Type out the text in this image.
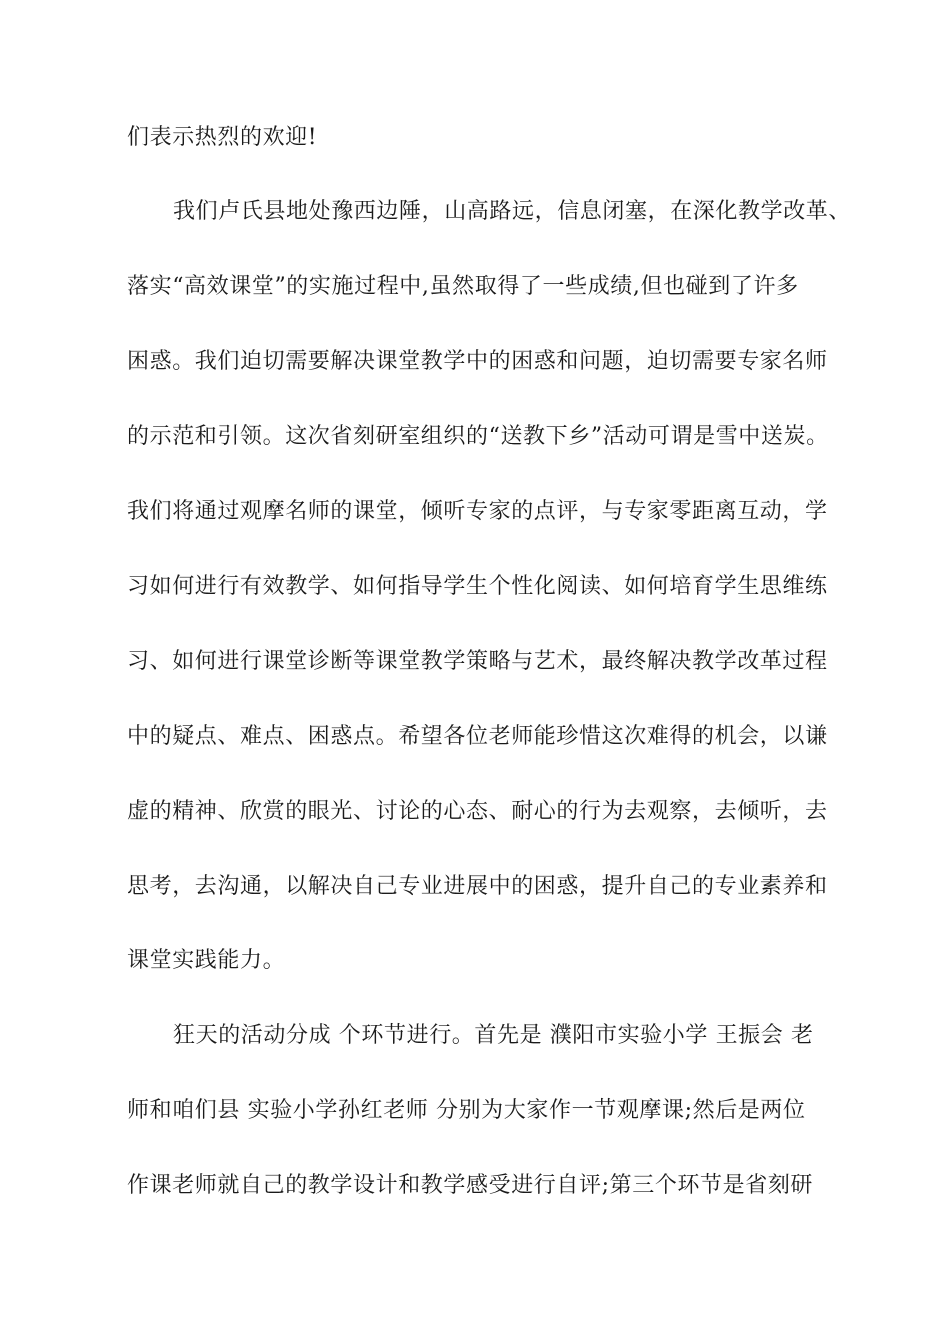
们表示热烈的欢迎!
我们卢氏县地处豫西边陲，山高路远，信息闭塞，在深化教学改革、
落实“高效课堂”的实施过程中,虽然取得了一些成绩,但也碰到了许多
困惑。我们迫切需要解决课堂教学中的困惑和问题，迫切需要专家名师
的示范和引领。这次省刻研室组织的“送教下乡”活动可谓是雪中送炭。
我们将通过观摩名师的课堂，倾听专家的点评，与专家零距离互动，学
习如何进行有效教学、如何指导学生个性化阅读、如何培育学生思维练
习、如何进行课堂诊断等课堂教学策略与艺术，最终解决教学改革过程
中的疑点、难点、困惑点。希望各位老师能珍惜这次难得的机会，以谦
虚的精神、欣赏的眼光、讨论的心态、耐心的行为去观察，去倾听，去
思考，去沟通，以解决自己专业进展中的困惑，提升自己的专业素养和
课堂实践能力。
狂天的活动分成 个环节进行。首先是 濮阳市实验小学 王振会 老
师和咱们县 实验小学孙红老师 分别为大家作一节观摩课;然后是两位
作课老师就自己的教学设计和教学感受进行自评;第三个环节是省刻研
